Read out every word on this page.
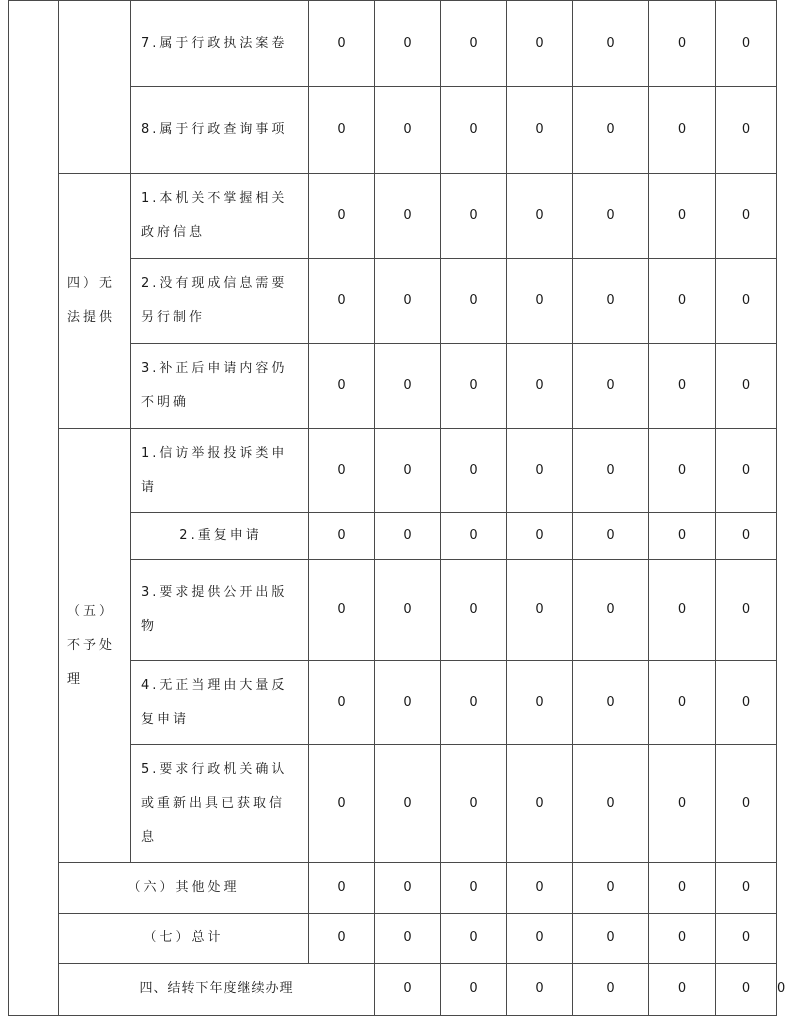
		7.属于行政执法案卷	0	0	0	0	0	0	0	
		8.属于行政查询事项	0	0	0	0	0	0	0	
	四）无法提供	1.本机关不掌握相关政府信息	0	0	0	0	0	0	0	
		2.没有现成信息需要另行制作	0	0	0	0	0	0	0	
		3.补正后申请内容仍不明确	0	0	0	0	0	0	0	
	（五）不予处理	1.信访举报投诉类申请	0	0	0	0	0	0	0	
		2.重复申请	0	0	0	0	0	0	0	
		3.要求提供公开出版物	0	0	0	0	0	0	0	
		4.无正当理由大量反复申请	0	0	0	0	0	0	0	
		5.要求行政机关确认或重新出具已获取信息	0	0	0	0	0	0	0	
	（六）其他处理		0	0	0	0	0	0	0	
	（七）总计		0	0	0	0	0	0	0	
	四、结转下年度继续办理			0	0	0	0	0	0	0
